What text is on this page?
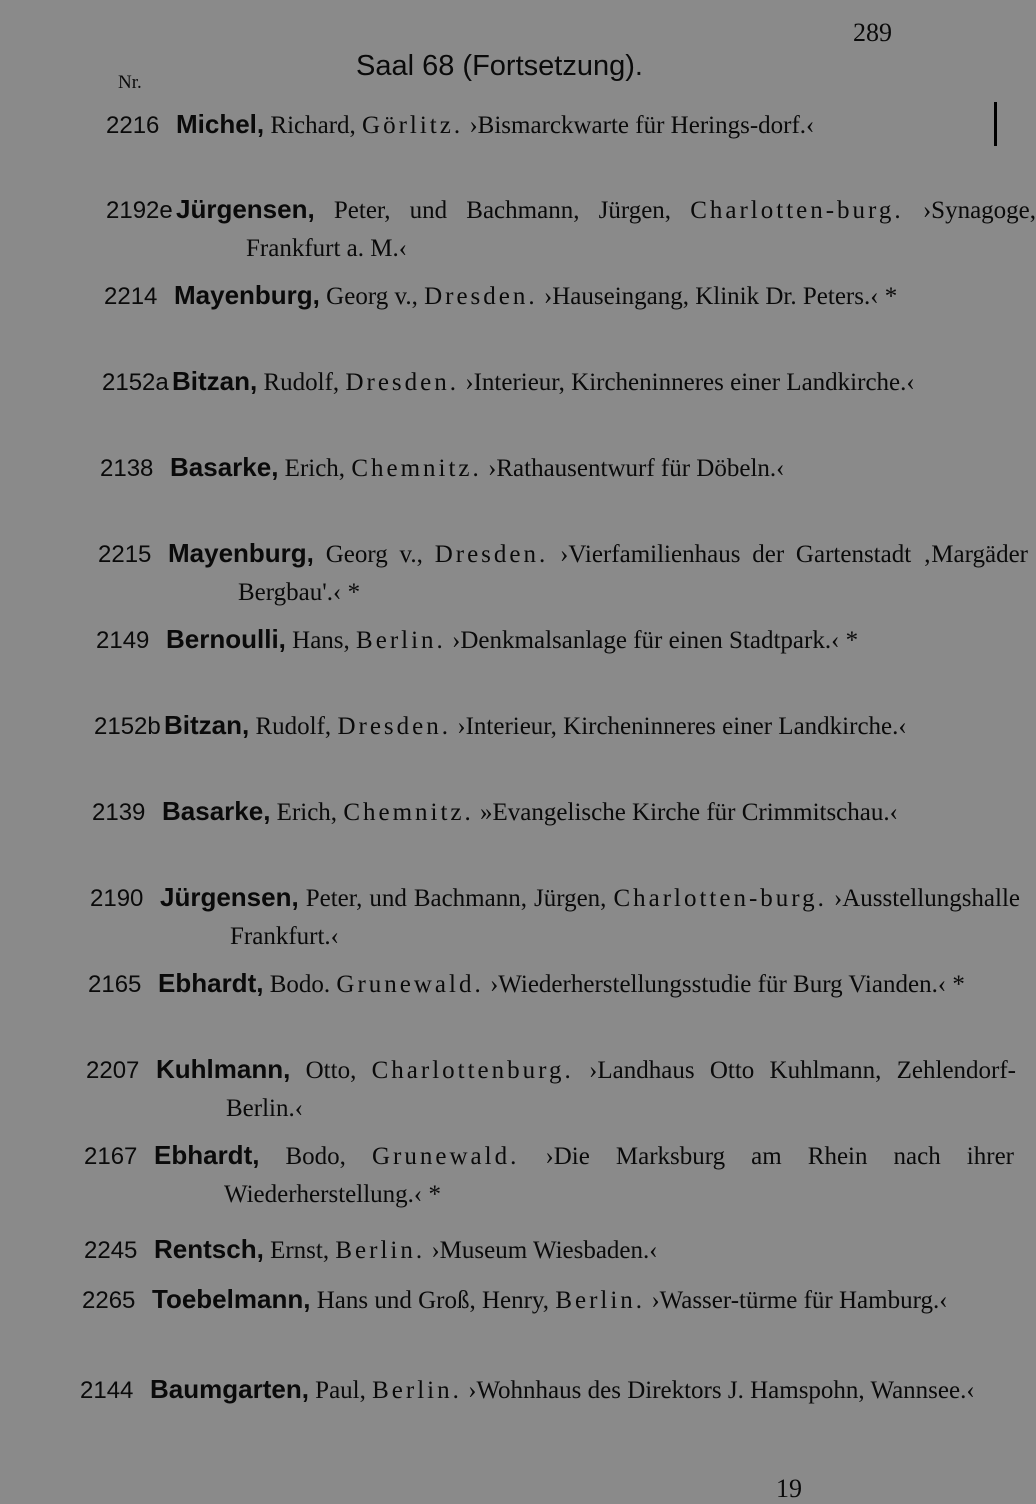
289
Nr.
Saal 68 (Fortsetzung).
2216 Michel, Richard, Görlitz. ›Bismarckwarte für Herings-dorf.‹
2192e Jürgensen, Peter, und Bachmann, Jürgen, Charlotten-burg. ›Synagoge, Frankfurt a. M.‹
2214 Mayenburg, Georg v., Dresden. ›Hauseingang, Klinik Dr. Peters.‹ *
2152a Bitzan, Rudolf, Dresden. ›Interieur, Kircheninneres einer Landkirche.‹
2138 Basarke, Erich, Chemnitz. ›Rathausentwurf für Döbeln.‹
2215 Mayenburg, Georg v., Dresden. ›Vierfamilienhaus der Gartenstadt ‚Margäder Bergbau'.‹ *
2149 Bernoulli, Hans, Berlin. ›Denkmalsanlage für einen Stadtpark.‹ *
2152b Bitzan, Rudolf, Dresden. ›Interieur, Kircheninneres einer Landkirche.‹
2139 Basarke, Erich, Chemnitz. »Evangelische Kirche für Crimmitschau.‹
2190 Jürgensen, Peter, und Bachmann, Jürgen, Charlotten-burg. ›Ausstellungshalle Frankfurt.‹
2165 Ebhardt, Bodo. Grunewald. ›Wiederherstellungsstudie für Burg Vianden.‹ *
2207 Kuhlmann, Otto, Charlottenburg. ›Landhaus Otto Kuhlmann, Zehlendorf-Berlin.‹
2167 Ebhardt, Bodo, Grunewald. ›Die Marksburg am Rhein nach ihrer Wiederherstellung.‹ *
2245 Rentsch, Ernst, Berlin. ›Museum Wiesbaden.‹
2265 Toebelmann, Hans und Groß, Henry, Berlin. ›Wasser-türme für Hamburg.‹
2144 Baumgarten, Paul, Berlin. ›Wohnhaus des Direktors J. Hamspohn, Wannsee.‹
19
